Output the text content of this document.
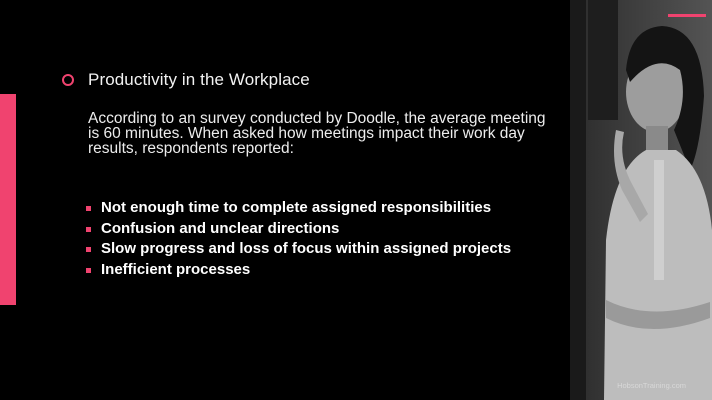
Productivity in the Workplace

According to an survey conducted by Doodle, the average meeting is 60 minutes. When asked how meetings impact their work day results, respondents reported:

Not enough time to complete assigned responsibilities
Confusion and unclear directions
Slow progress and loss of focus within assigned projects
Inefficient processes
HobsonTraining.com
